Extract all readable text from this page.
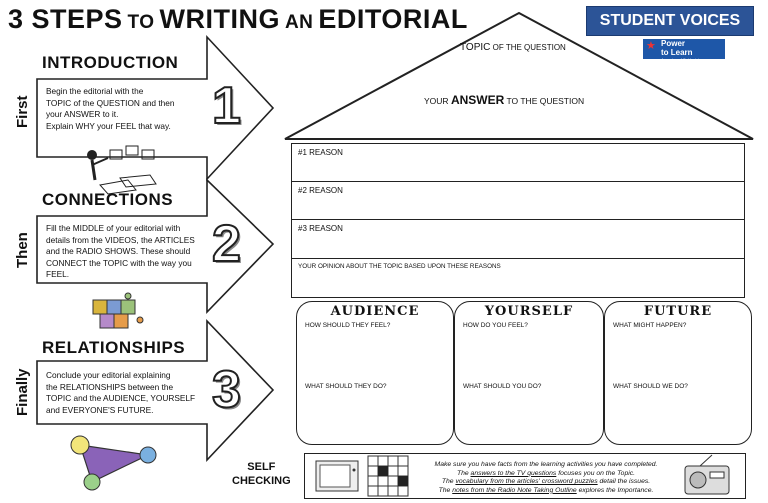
3 STEPS TO WRITING AN EDITORIAL	STUDENT VOICES
★ Power
to Learn
A service of Cablevision
First
Then
Finally
INTRODUCTION
CONNECTIONS
RELATIONSHIPS
Begin the editorial with the
TOPIC of the QUESTION and then
your ANSWER to it.
Explain WHY your FEEL that way.
Fill the MIDDLE of your editorial with
details from the VIDEOS, the ARTICLES
and the RADIO SHOWS. These should
CONNECT the TOPIC with the way you
FEEL.
Conclude your editorial explaining
the RELATIONSHIPS between the
TOPIC and the AUDIENCE, YOURSELF
and EVERYONE'S FUTURE.
1
2
3
TOPIC OF THE QUESTION
YOUR ANSWER TO THE QUESTION
#1 REASON
#2 REASON
#3 REASON
YOUR OPINION ABOUT THE TOPIC BASED UPON THESE REASONS
AUDIENCE
HOW SHOULD THEY FEEL?
WHAT SHOULD THEY DO?
YOURSELF
HOW DO YOU FEEL?
WHAT SHOULD YOU DO?
FUTURE
WHAT MIGHT HAPPEN?
WHAT SHOULD WE DO?
SELF
CHECKING
Make sure you have facts from the learning activities you have completed.
The answers to the TV questions focuses you on the Topic.
The vocabulary from the articles' crossword puzzles detail the issues.
The notes from the Radio Note Taking Outline explores the Importance.
